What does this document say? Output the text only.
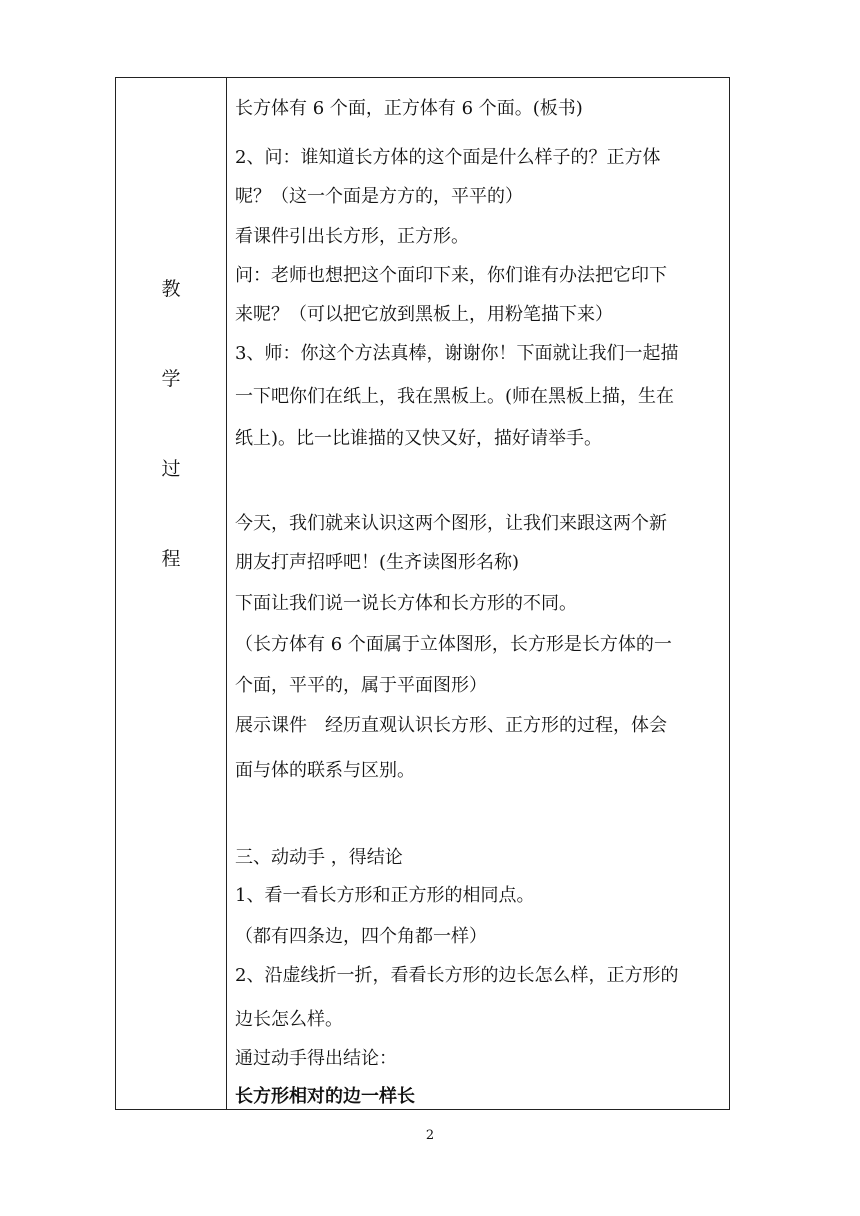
教
学
过
程
长方体有 6 个面，正方体有 6 个面。(板书)
2、问：谁知道长方体的这个面是什么样子的？正方体
呢？（这一个面是方方的，平平的）
看课件引出长方形，正方形。
问：老师也想把这个面印下来，你们谁有办法把它印下
来呢？（可以把它放到黑板上，用粉笔描下来）
3、师：你这个方法真棒，谢谢你！下面就让我们一起描
一下吧你们在纸上，我在黑板上。(师在黑板上描，生在
纸上)。比一比谁描的又快又好，描好请举手。
今天，我们就来认识这两个图形，让我们来跟这两个新
朋友打声招呼吧！(生齐读图形名称)
下面让我们说一说长方体和长方形的不同。
（长方体有 6 个面属于立体图形，长方形是长方体的一
个面，平平的，属于平面图形）
展示课件　经历直观认识长方形、正方形的过程，体会
面与体的联系与区别。
三、动动手 ，得结论
1、看一看长方形和正方形的相同点。
（都有四条边，四个角都一样）
2、沿虚线折一折，看看长方形的边长怎么样，正方形的
边长怎么样。
通过动手得出结论：
长方形相对的边一样长
2
